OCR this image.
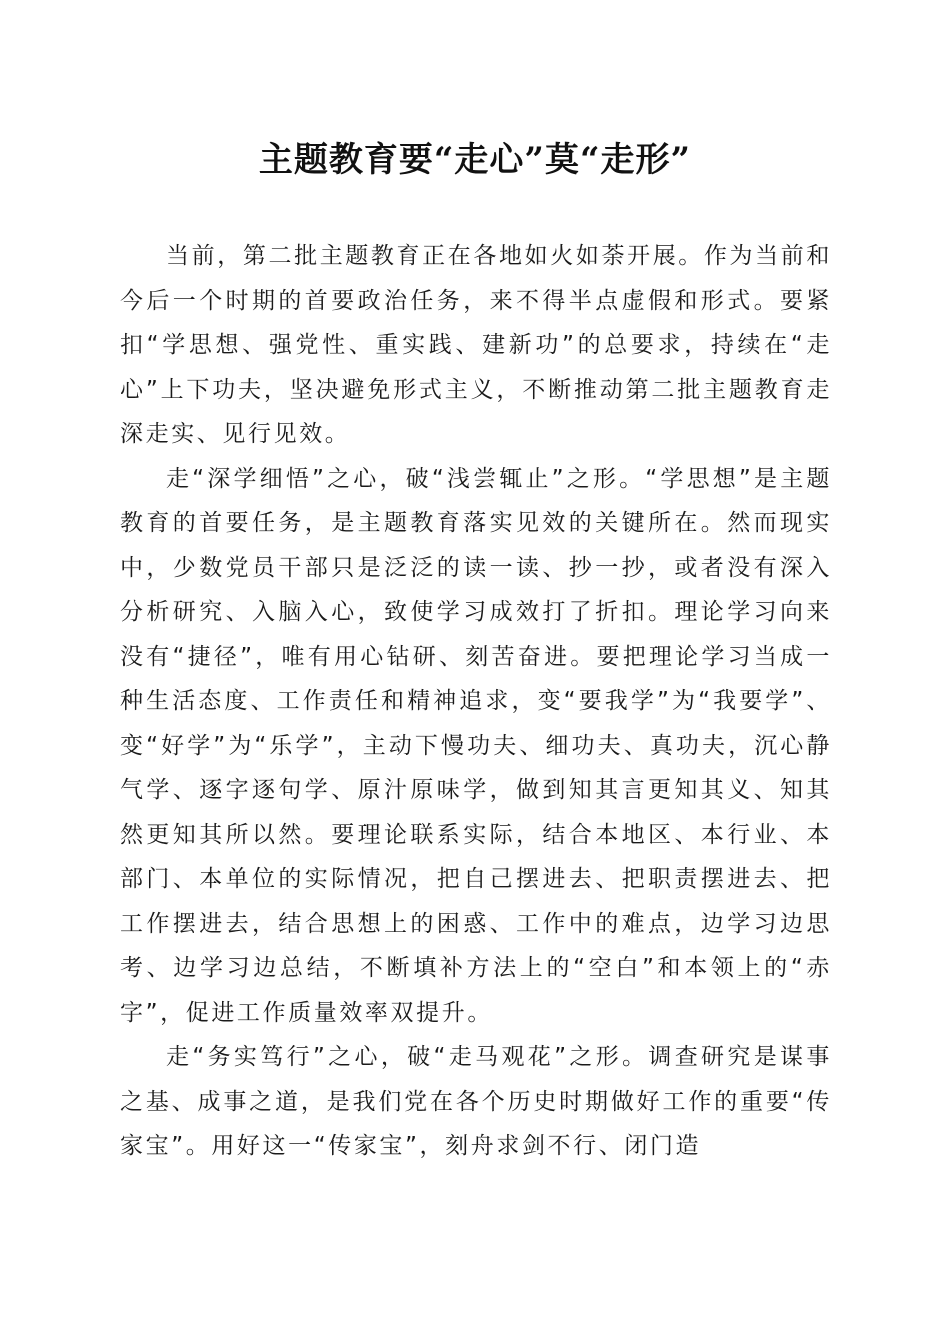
主题教育要“走心”莫“走形”

当前，第二批主题教育正在各地如火如荼开展。作为当前和今后一个时期的首要政治任务，来不得半点虚假和形式。要紧扣“学思想、强党性、重实践、建新功”的总要求，持续在“走心”上下功夫，坚决避免形式主义，不断推动第二批主题教育走深走实、见行见效。

走“深学细悟”之心，破“浅尝辄止”之形。“学思想”是主题教育的首要任务，是主题教育落实见效的关键所在。然而现实中，少数党员干部只是泛泛的读一读、抄一抄，或者没有深入分析研究、入脑入心，致使学习成效打了折扣。理论学习向来没有“捷径”，唯有用心钻研、刻苦奋进。要把理论学习当成一种生活态度、工作责任和精神追求，变“要我学”为“我要学”、变“好学”为“乐学”，主动下慢功夫、细功夫、真功夫，沉心静气学、逐字逐句学、原汁原味学，做到知其言更知其义、知其然更知其所以然。要理论联系实际，结合本地区、本行业、本部门、本单位的实际情况，把自己摆进去、把职责摆进去、把工作摆进去，结合思想上的困惑、工作中的难点，边学习边思考、边学习边总结，不断填补方法上的“空白”和本领上的“赤字”，促进工作质量效率双提升。

走“务实笃行”之心，破“走马观花”之形。调查研究是谋事之基、成事之道，是我们党在各个历史时期做好工作的重要“传家宝”。用好这一“传家宝”，刻舟求剑不行、闭门造
